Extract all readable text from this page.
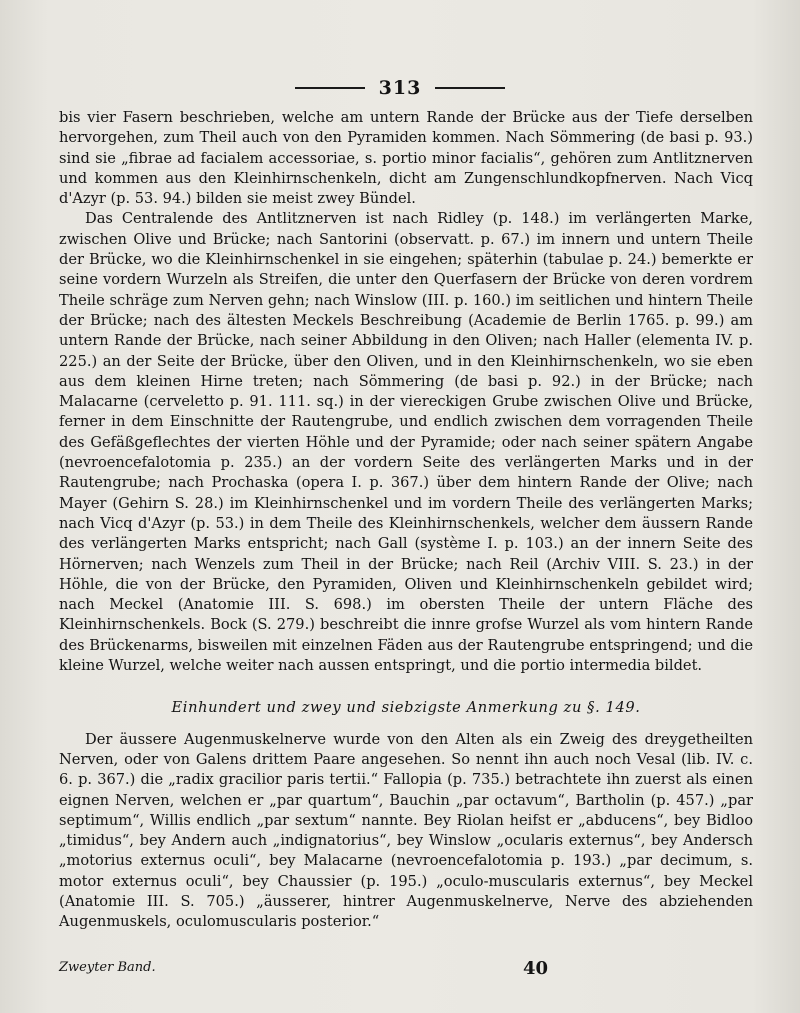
313

bis vier Fasern beschrieben, welche am untern Rande der Brücke aus der Tiefe derselben hervorgehen, zum Theil auch von den Pyramiden kommen. Nach Sömmering (de basi p. 93.) sind sie „fibrae ad facialem accessoriae, s. portio minor facialis“, gehören zum Antlitznerven und kommen aus den Kleinhirnschenkeln, dicht am Zungenschlundkopfnerven. Nach Vicq d'Azyr (p. 53. 94.) bilden sie meist zwey Bündel.

Das Centralende des Antlitznerven ist nach Ridley (p. 148.) im verlängerten Marke, zwischen Olive und Brücke; nach Santorini (observatt. p. 67.) im innern und untern Theile der Brücke, wo die Kleinhirnschenkel in sie eingehen; späterhin (tabulae p. 24.) bemerkte er seine vordern Wurzeln als Streifen, die unter den Querfasern der Brücke von deren vordrem Theile schräge zum Nerven gehn; nach Winslow (III. p. 160.) im seitlichen und hintern Theile der Brücke; nach des ältesten Meckels Beschreibung (Academie de Berlin 1765. p. 99.) am untern Rande der Brücke, nach seiner Abbildung in den Oliven; nach Haller (elementa IV. p. 225.) an der Seite der Brücke, über den Oliven, und in den Kleinhirnschenkeln, wo sie eben aus dem kleinen Hirne treten; nach Sömmering (de basi p. 92.) in der Brücke; nach Malacarne (cerveletto p. 91. 111. sq.) in der viereckigen Grube zwischen Olive und Brücke, ferner in dem Einschnitte der Rautengrube, und endlich zwischen dem vorragenden Theile des Gefäßgeflechtes der vierten Höhle und der Pyramide; oder nach seiner spätern Angabe (nevroencefalotomia p. 235.) an der vordern Seite des verlängerten Marks und in der Rautengrube; nach Prochaska (opera I. p. 367.) über dem hintern Rande der Olive; nach Mayer (Gehirn S. 28.) im Kleinhirnschenkel und im vordern Theile des verlängerten Marks; nach Vicq d'Azyr (p. 53.) in dem Theile des Kleinhirnschenkels, welcher dem äussern Rande des verlängerten Marks entspricht; nach Gall (système I. p. 103.) an der innern Seite des Hörnerven; nach Wenzels zum Theil in der Brücke; nach Reil (Archiv VIII. S. 23.) in der Höhle, die von der Brücke, den Pyramiden, Oliven und Kleinhirnschenkeln gebildet wird; nach Meckel (Anatomie III. S. 698.) im obersten Theile der untern Fläche des Kleinhirnschenkels. Bock (S. 279.) beschreibt die innre grofse Wurzel als vom hintern Rande des Brückenarms, bisweilen mit einzelnen Fäden aus der Rautengrube entspringend; und die kleine Wurzel, welche weiter nach aussen entspringt, und die portio intermedia bildet.

Einhundert und zwey und siebzigste Anmerkung zu §. 149.

Der äussere Augenmuskelnerve wurde von den Alten als ein Zweig des dreygetheilten Nerven, oder von Galens drittem Paare angesehen. So nennt ihn auch noch Vesal (lib. IV. c. 6. p. 367.) die „radix gracilior paris tertii.“ Fallopia (p. 735.) betrachtete ihn zuerst als einen eignen Nerven, welchen er „par quartum“, Bauchin „par octavum“, Bartholin (p. 457.) „par septimum“, Willis endlich „par sextum“ nannte. Bey Riolan heifst er „abducens“, bey Bidloo „timidus“, bey Andern auch „indignatorius“, bey Winslow „ocularis externus“, bey Andersch „motorius externus oculi“, bey Malacarne (nevroencefalotomia p. 193.) „par decimum, s. motor externus oculi“, bey Chaussier (p. 195.) „oculo-muscularis externus“, bey Meckel (Anatomie III. S. 705.) „äusserer, hintrer Augenmuskelnerve, Nerve des abziehenden Augenmuskels, oculomuscularis posterior.“

Zweyter Band.	40
